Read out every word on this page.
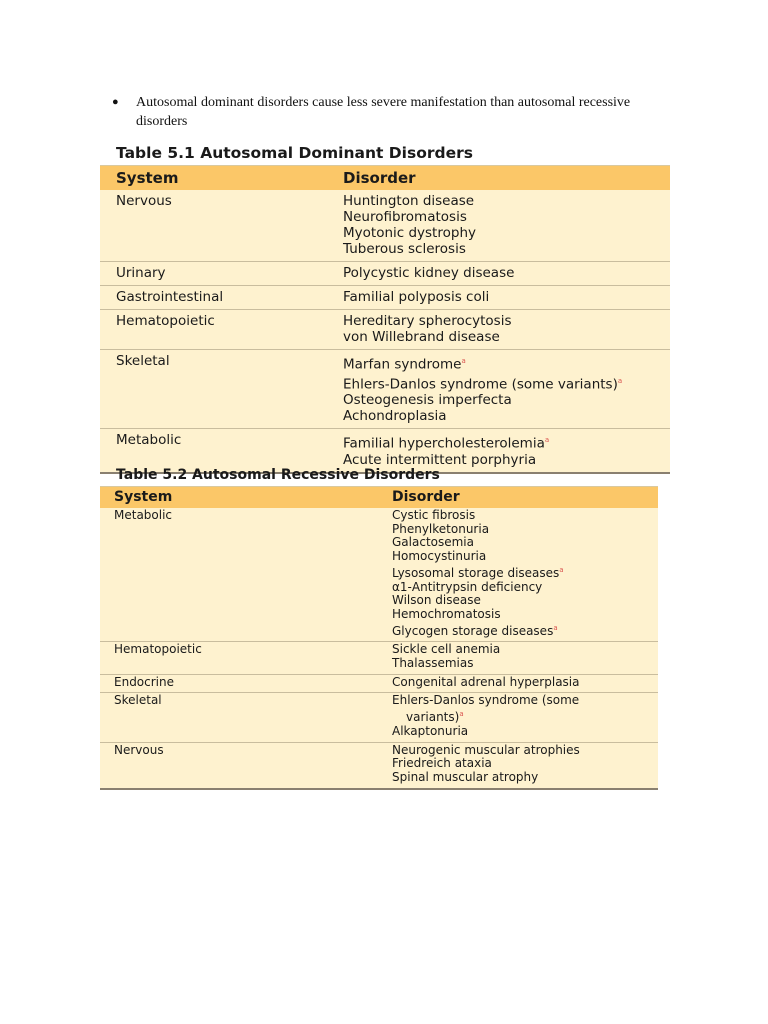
●	Autosomal dominant disorders cause less severe manifestation than autosomal recessive disorders
Table 5.1 Autosomal Dominant Disorders
System	Disorder
Nervous	Huntington disease
Neurofibromatosis
Myotonic dystrophy
Tuberous sclerosis
Urinary	Polycystic kidney disease
Gastrointestinal	Familial polyposis coli
Hematopoietic	Hereditary spherocytosis
von Willebrand disease
Skeletal	Marfan syndrome$^a$
Ehlers-Danlos syndrome (some variants)$^a$
Osteogenesis imperfecta
Achondroplasia
Metabolic	Familial hypercholesterolemia$^a$
Acute intermittent porphyria
Table 5.2 Autosomal Recessive Disorders
System	Disorder
Metabolic	Cystic fibrosis
Phenylketonuria
Galactosemia
Homocystinuria
Lysosomal storage diseases$^a$
α1-Antitrypsin deficiency
Wilson disease
Hemochromatosis
Glycogen storage diseases$^a$
Hematopoietic	Sickle cell anemia
Thalassemias
Endocrine	Congenital adrenal hyperplasia
Skeletal	Ehlers-Danlos syndrome (some
variants)$^a$
Alkaptonuria
Nervous	Neurogenic muscular atrophies
Friedreich ataxia
Spinal muscular atrophy
